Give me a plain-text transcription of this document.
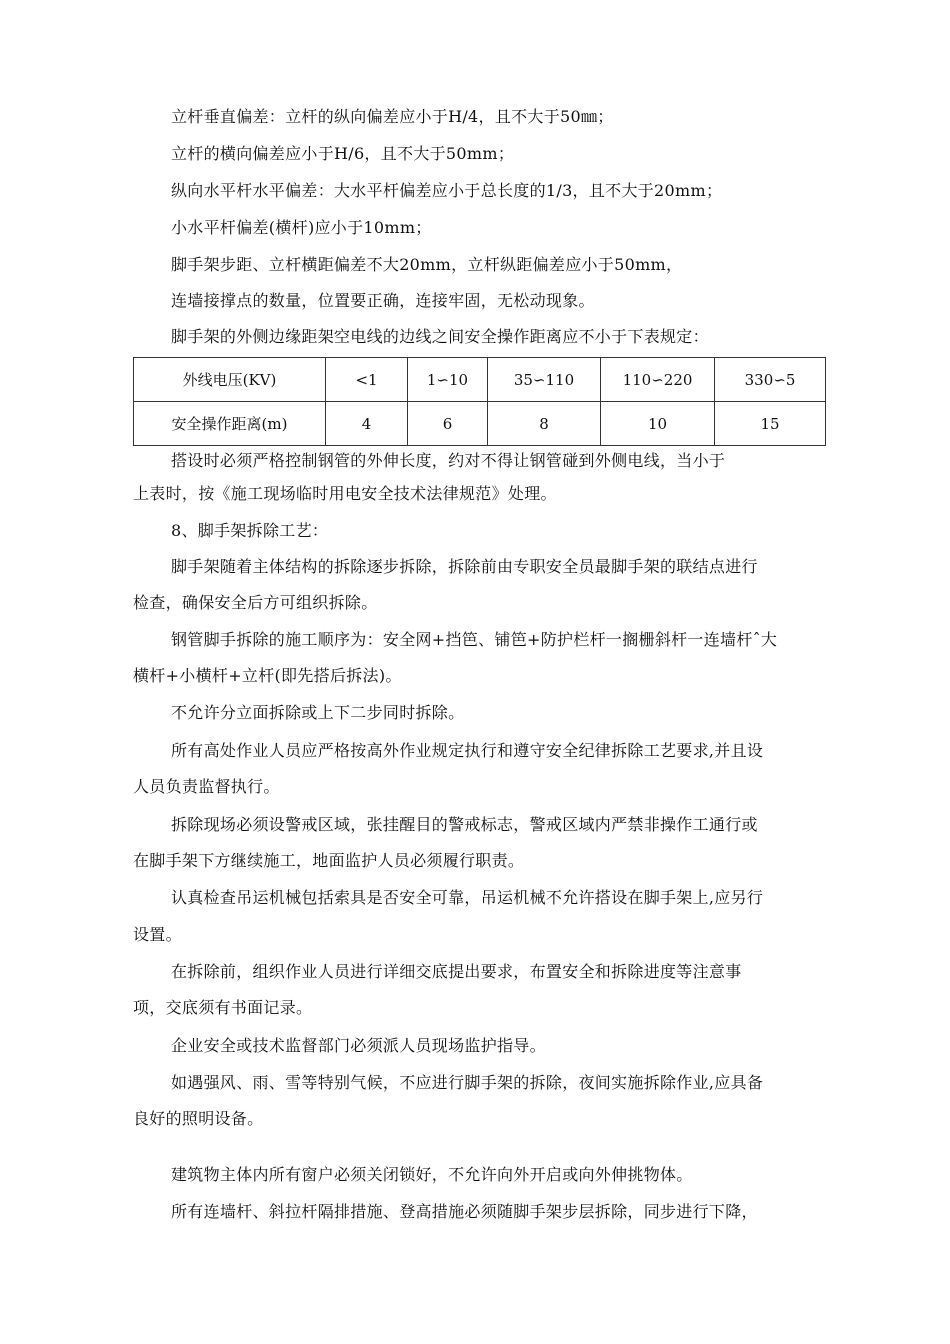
立杆垂直偏差：立杆的纵向偏差应小于H/4，且不大于50㎜；
立杆的横向偏差应小于H/6，且不大于50mm；
纵向水平杆水平偏差：大水平杆偏差应小于总长度的1/3，且不大于20mm；
小水平杆偏差(横杆)应小于10mm；
脚手架步距、立杆横距偏差不大20mm，立杆纵距偏差应小于50mm，
连墙接撑点的数量，位置要正确，连接牢固，无松动现象。
脚手架的外侧边缘距架空电线的边线之间安全操作距离应不小于下表规定：
外线电压(KV)	<1	1∽10	35∽110	110∽220	330∽5
安全操作距离(m)	4	6	8	10	15
搭设时必须严格控制钢管的外伸长度，约对不得让钢管碰到外侧电线，当小于
上表时，按《施工现场临时用电安全技术法律规范》处理。
8、脚手架拆除工艺：
脚手架随着主体结构的拆除逐步拆除，拆除前由专职安全员最脚手架的联结点进行
检查，确保安全后方可组织拆除。
钢管脚手拆除的施工顺序为：安全网+挡笆、铺笆+防护栏杆一搁栅斜杆一连墙杆ˆ大
横杆+小横杆+立杆(即先搭后拆法)。
不允许分立面拆除或上下二步同时拆除。
所有高处作业人员应严格按高外作业规定执行和遵守安全纪律拆除工艺要求,并且设
人员负责监督执行。
拆除现场必须设警戒区域，张挂醒目的警戒标志，警戒区域内严禁非操作工通行或
在脚手架下方继续施工，地面监护人员必须履行职责。
认真检查吊运机械包括索具是否安全可靠，吊运机械不允许搭设在脚手架上,应另行
设置。
在拆除前，组织作业人员进行详细交底提出要求，布置安全和拆除进度等注意事
项，交底须有书面记录。
企业安全或技术监督部门必须派人员现场监护指导。
如遇强风、雨、雪等特别气候，不应进行脚手架的拆除，夜间实施拆除作业,应具备
良好的照明设备。
建筑物主体内所有窗户必须关闭锁好，不允许向外开启或向外伸挑物体。
所有连墙杆、斜拉杆隔排措施、登高措施必须随脚手架步层拆除，同步进行下降，
